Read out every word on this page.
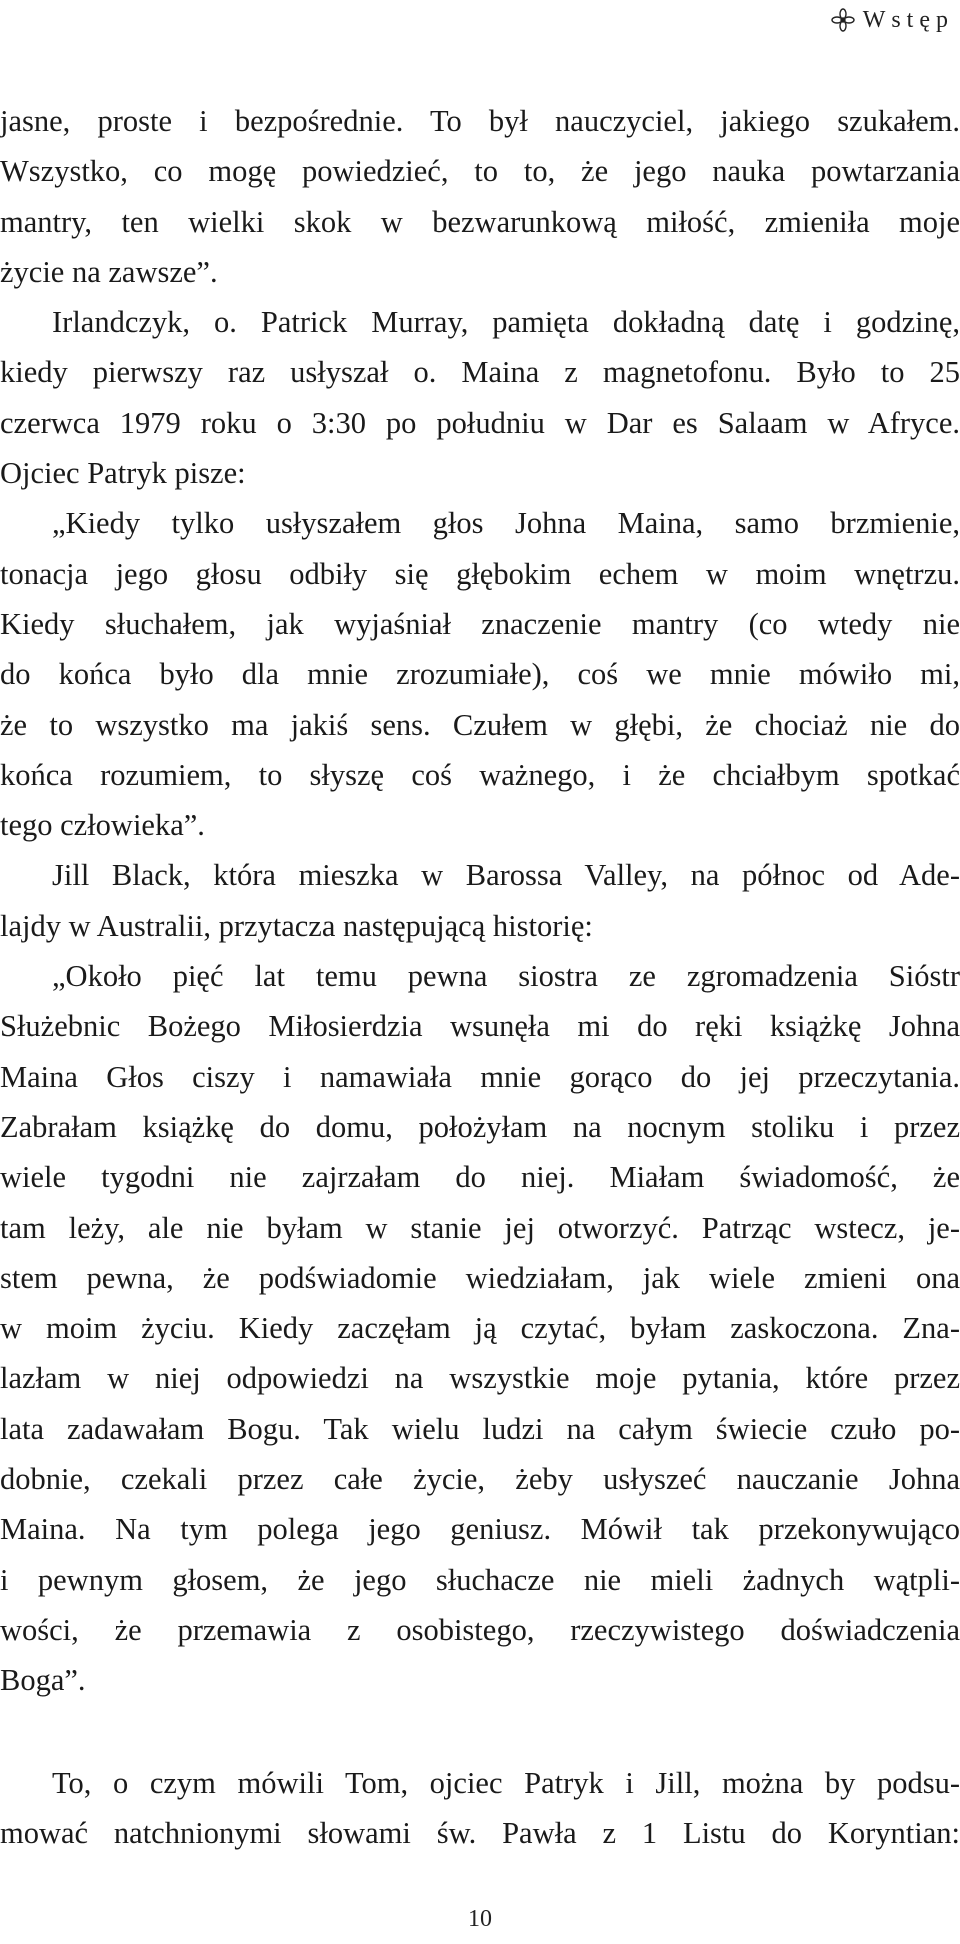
Wstęp
jasne, proste i bezpośrednie. To był nauczyciel, jakiego szukałem.
Wszystko, co mogę powiedzieć, to to, że jego nauka powtarzania
mantry, ten wielki skok w bezwarunkową miłość, zmieniła moje
życie na zawsze”.
Irlandczyk, o. Patrick Murray, pamięta dokładną datę i godzinę,
kiedy pierwszy raz usłyszał o. Maina z magnetofonu. Było to 25
czerwca 1979 roku o 3:30 po południu w Dar es Salaam w Afryce.
Ojciec Patryk pisze:
„Kiedy tylko usłyszałem głos Johna Maina, samo brzmienie,
tonacja jego głosu odbiły się głębokim echem w moim wnętrzu.
Kiedy słuchałem, jak wyjaśniał znaczenie mantry (co wtedy nie
do końca było dla mnie zrozumiałe), coś we mnie mówiło mi,
że to wszystko ma jakiś sens. Czułem w głębi, że chociaż nie do
końca rozumiem, to słyszę coś ważnego, i że chciałbym spotkać
tego człowieka”.
Jill Black, która mieszka w Barossa Valley, na północ od Ade-
lajdy w Australii, przytacza następującą historię:
„Około pięć lat temu pewna siostra ze zgromadzenia Sióstr
Służebnic Bożego Miłosierdzia wsunęła mi do ręki książkę Johna
Maina Głos ciszy i namawiała mnie gorąco do jej przeczytania.
Zabrałam książkę do domu, położyłam na nocnym stoliku i przez
wiele tygodni nie zajrzałam do niej. Miałam świadomość, że
tam leży, ale nie byłam w stanie jej otworzyć. Patrząc wstecz, je-
stem pewna, że podświadomie wiedziałam, jak wiele zmieni ona
w moim życiu. Kiedy zaczęłam ją czytać, byłam zaskoczona. Zna-
lazłam w niej odpowiedzi na wszystkie moje pytania, które przez
lata zadawałam Bogu. Tak wielu ludzi na całym świecie czuło po-
dobnie, czekali przez całe życie, żeby usłyszeć nauczanie Johna
Maina. Na tym polega jego geniusz. Mówił tak przekonywująco
i pewnym głosem, że jego słuchacze nie mieli żadnych wątpli-
wości, że przemawia z osobistego, rzeczywistego doświadczenia
Boga”.
To, o czym mówili Tom, ojciec Patryk i Jill, można by podsu-
mować natchnionymi słowami św. Pawła z 1 Listu do Koryntian:
10
